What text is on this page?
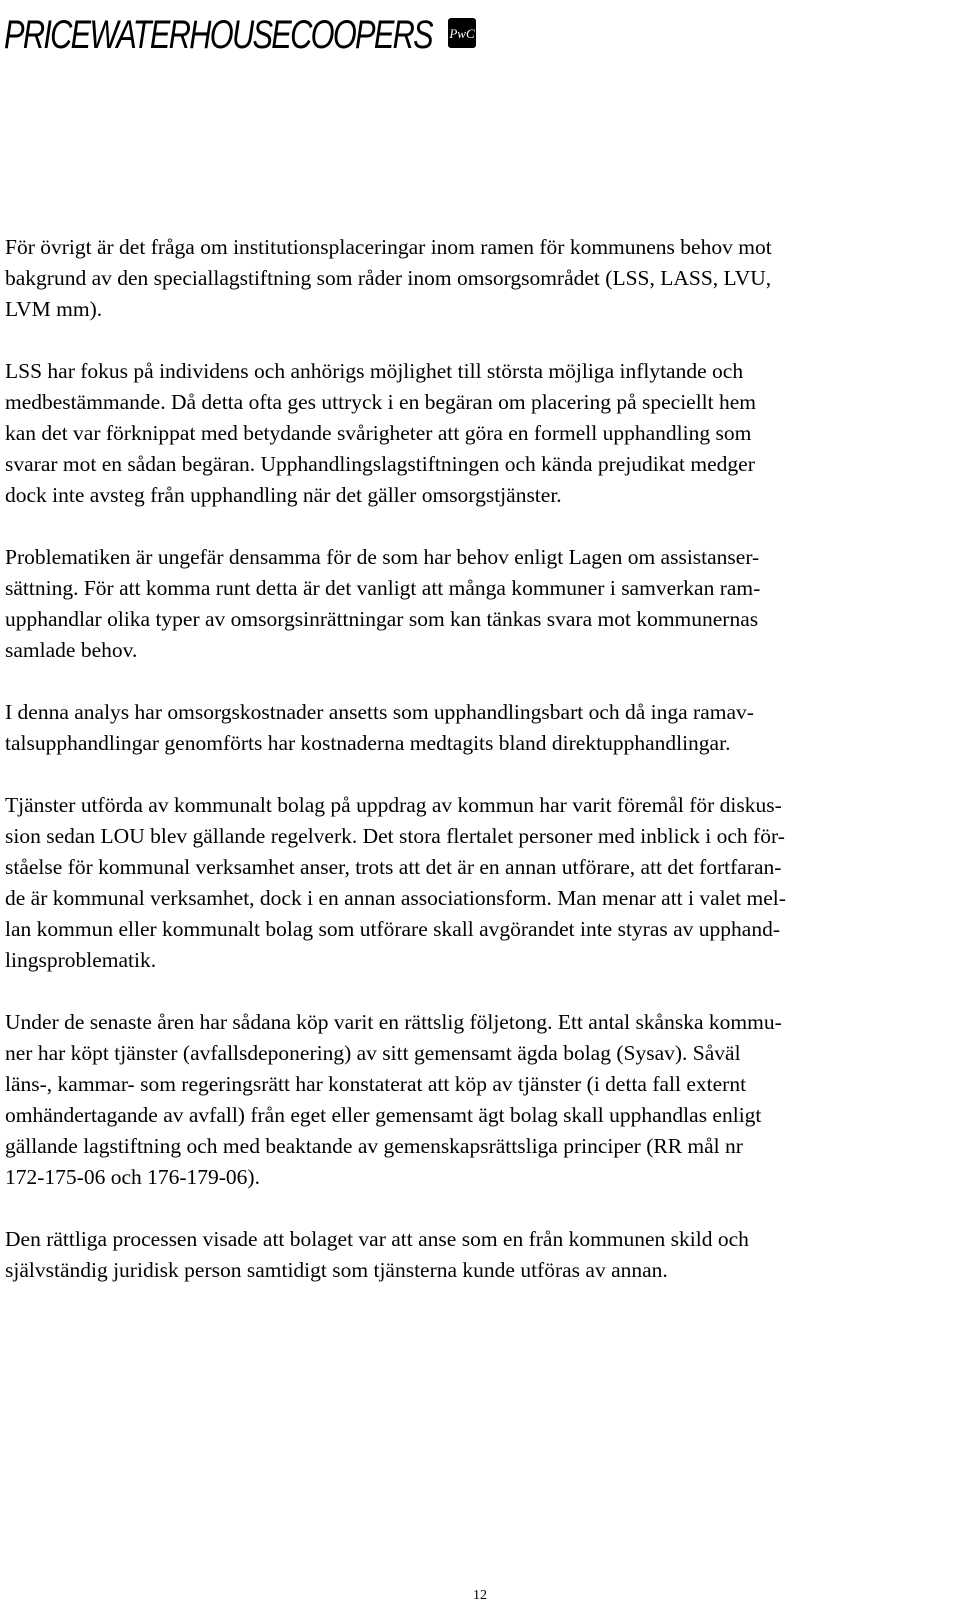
PRICEWATERHOUSECOOPERS PwC

För övrigt är det fråga om institutionsplaceringar inom ramen för kommunens behov mot
bakgrund av den speciallagstiftning som råder inom omsorgsområdet (LSS, LASS, LVU,
LVM mm).

LSS har fokus på individens och anhörigs möjlighet till största möjliga inflytande och
medbestämmande. Då detta ofta ges uttryck i en begäran om placering på speciellt hem
kan det var förknippat med betydande svårigheter att göra en formell upphandling som
svarar mot en sådan begäran. Upphandlingslagstiftningen och kända prejudikat medger
dock inte avsteg från upphandling när det gäller omsorgstjänster.

Problematiken är ungefär densamma för de som har behov enligt Lagen om assistanser-
sättning. För att komma runt detta är det vanligt att många kommuner i samverkan ram-
upphandlar olika typer av omsorgsinrättningar som kan tänkas svara mot kommunernas
samlade behov.

I denna analys har omsorgskostnader ansetts som upphandlingsbart och då inga ramav-
talsupphandlingar genomförts har kostnaderna medtagits bland direktupphandlingar.

Tjänster utförda av kommunalt bolag på uppdrag av kommun har varit föremål för diskus-
sion sedan LOU blev gällande regelverk. Det stora flertalet personer med inblick i och för-
ståelse för kommunal verksamhet anser, trots att det är en annan utförare, att det fortfaran-
de är kommunal verksamhet, dock i en annan associationsform. Man menar att i valet mel-
lan kommun eller kommunalt bolag som utförare skall avgörandet inte styras av upphand-
lingsproblematik.

Under de senaste åren har sådana köp varit en rättslig följetong. Ett antal skånska kommu-
ner har köpt tjänster (avfallsdeponering) av sitt gemensamt ägda bolag (Sysav). Såväl
läns-, kammar- som regeringsrätt har konstaterat att köp av tjänster (i detta fall externt
omhändertagande av avfall) från eget eller gemensamt ägt bolag skall upphandlas enligt
gällande lagstiftning och med beaktande av gemenskapsrättsliga principer (RR mål nr
172-175-06 och 176-179-06).

Den rättliga processen visade att bolaget var att anse som en från kommunen skild och
självständig juridisk person samtidigt som tjänsterna kunde utföras av annan.

12
